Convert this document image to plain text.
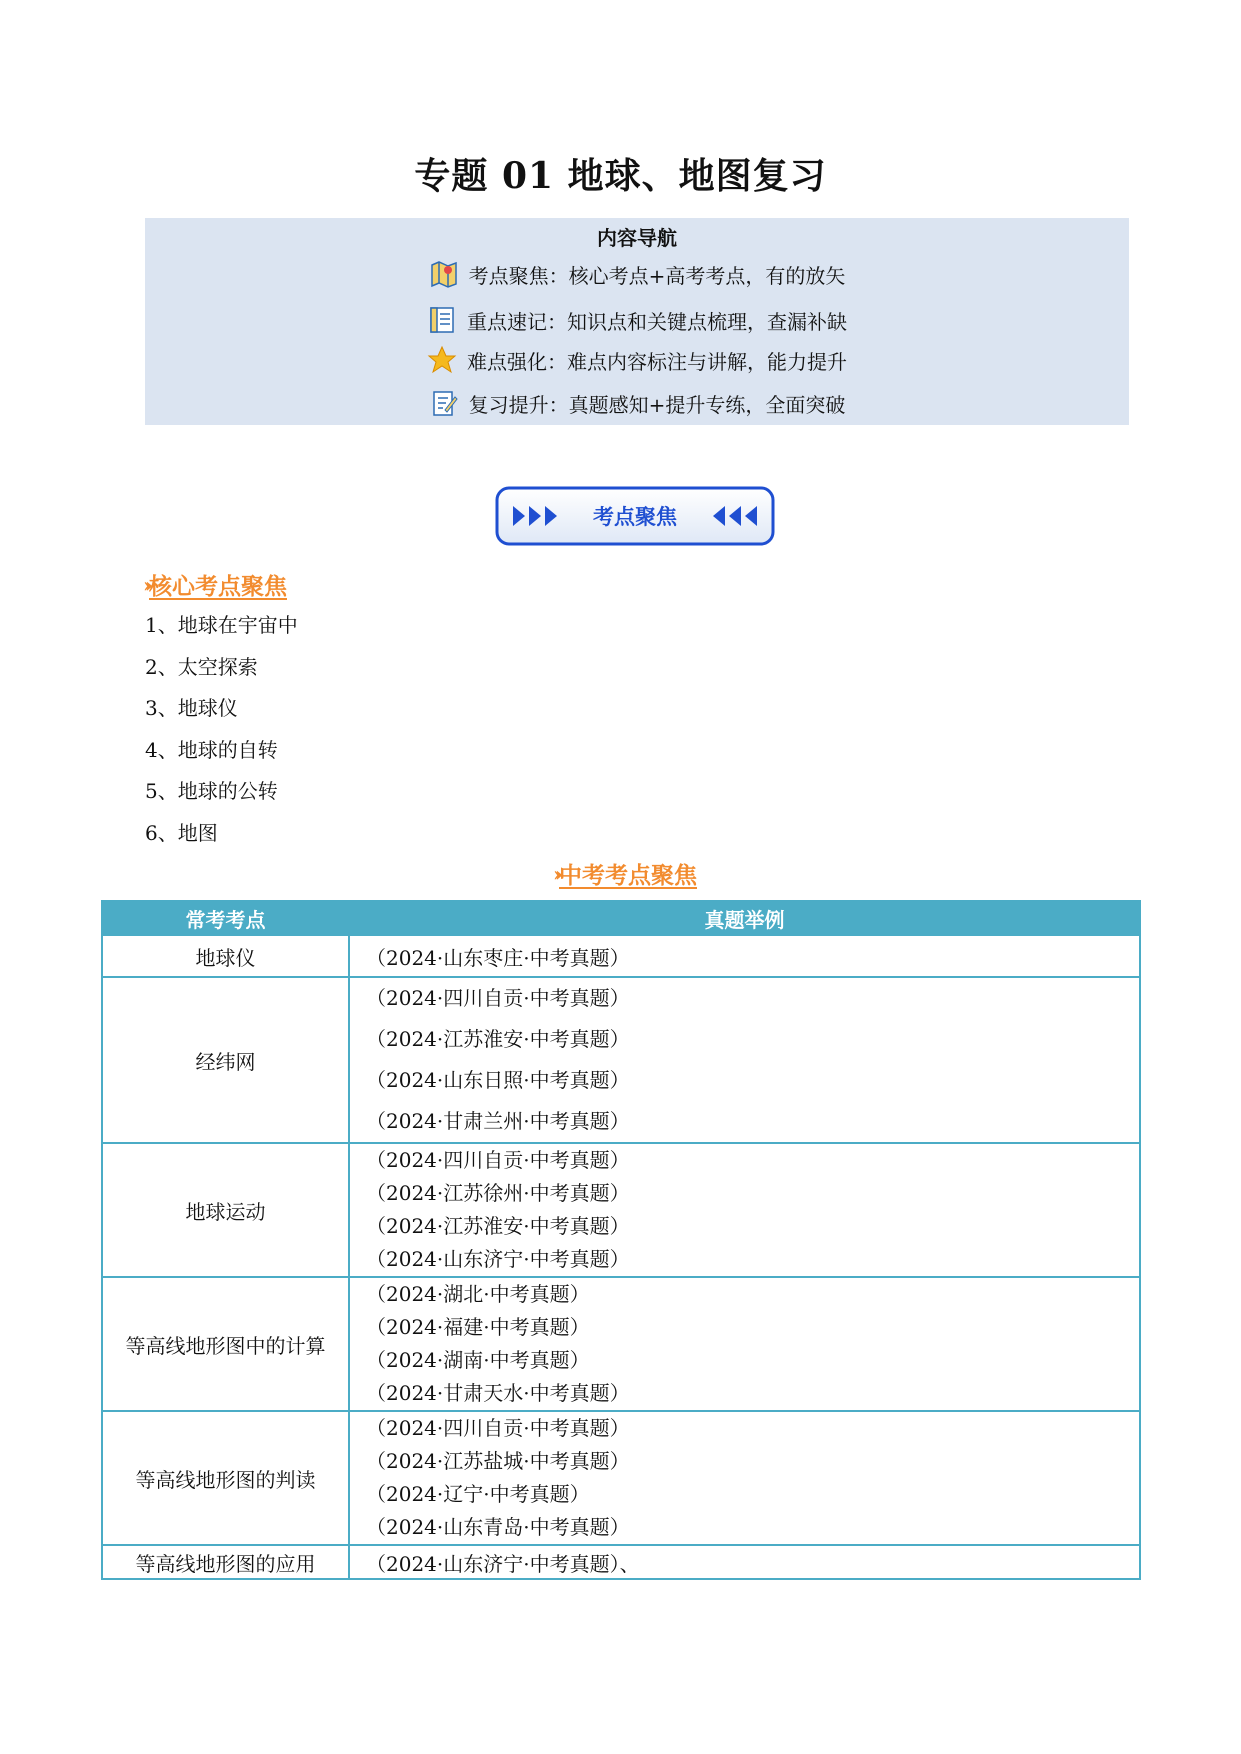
专题 01 地球、地图复习
内容导航
考点聚焦：核心考点+高考考点，有的放矢
重点速记：知识点和关键点梳理，查漏补缺
难点强化：难点内容标注与讲解，能力提升
复习提升：真题感知+提升专练，全面突破
考点聚焦
›› 核心考点聚焦
1、地球在宇宙中
2、太空探索
3、地球仪
4、地球的自转
5、地球的公转
6、地图
›› 中考考点聚焦
常考考点	真题举例
地球仪	（2024·山东枣庄·中考真题）

经纬网	（2024·四川自贡·中考真题）
（2024·江苏淮安·中考真题）
（2024·山东日照·中考真题）
（2024·甘肃兰州·中考真题）

地球运动	（2024·四川自贡·中考真题）
（2024·江苏徐州·中考真题）
（2024·江苏淮安·中考真题）
（2024·山东济宁·中考真题）

等高线地形图中的计算	（2024·湖北·中考真题）
（2024·福建·中考真题）
（2024·湖南·中考真题）
（2024·甘肃天水·中考真题）

等高线地形图的判读	（2024·四川自贡·中考真题）
（2024·江苏盐城·中考真题）
（2024·辽宁·中考真题）
（2024·山东青岛·中考真题）

等高线地形图的应用	（2024·山东济宁·中考真题）、
